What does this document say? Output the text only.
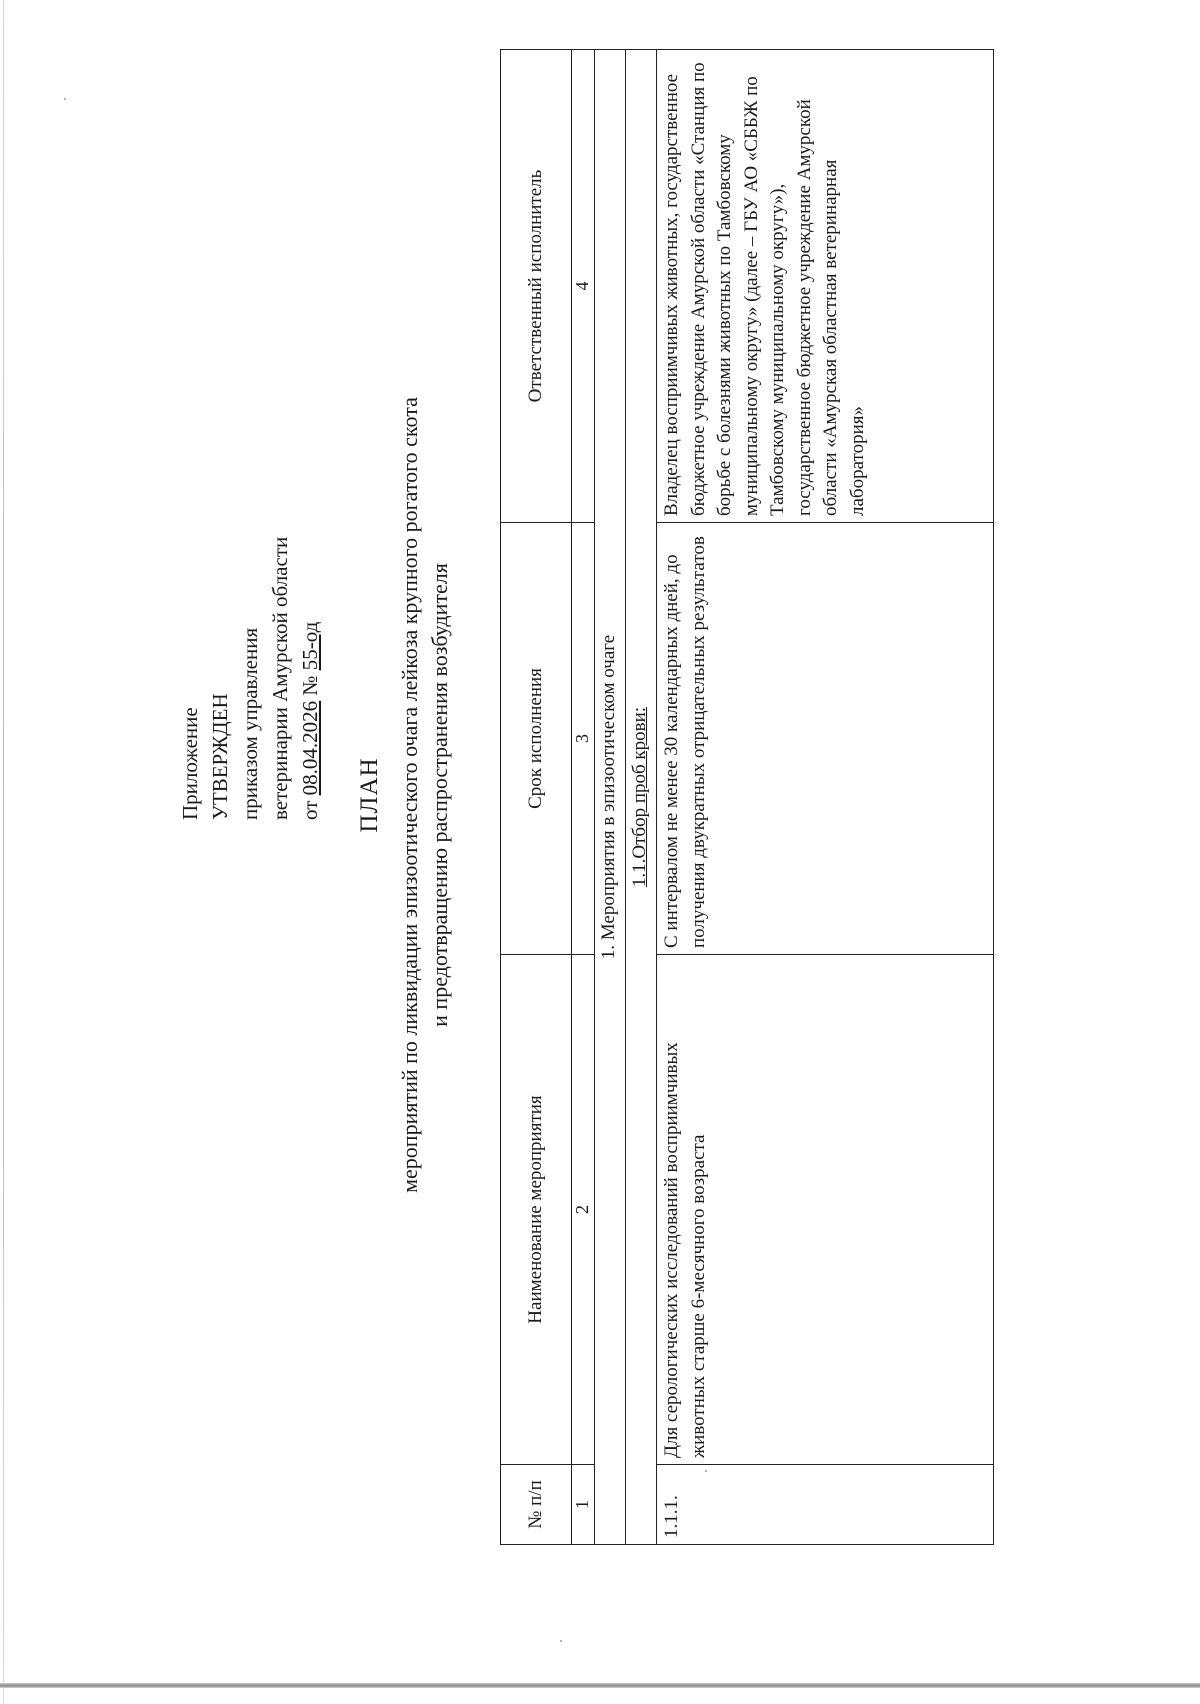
Приложение УТВЕРЖДЕН приказом управления ветеринарии Амурской области от 08.04.2026 № 55-од
ПЛАН мероприятий по ликвидации эпизоотического очага лейкоза крупного рогатого скота и предотвращению распространения возбудителя
№ п/п	Наименование мероприятия	Срок исполнения	Ответственный исполнитель
1	2	3	4
1. Мероприятия в эпизоотическом очаге			
1.1.Отбор проб крови:			
1.1.1.	Для серологических исследований восприимчивых животных старше 6-месячного возраста	С интервалом не менее 30 календарных дней, до получения двукратных отрицательных результатов	Владелец восприимчивых животных, государственное бюджетное учреждение Амурской области «Станция по борьбе с болезнями животных по Тамбовскому муниципальному округу» (далее – ГБУ АО «СББЖ по Тамбовскому муниципальному округу»), государственное бюджетное учреждение Амурской области «Амурская областная ветеринарная лаборатория»
